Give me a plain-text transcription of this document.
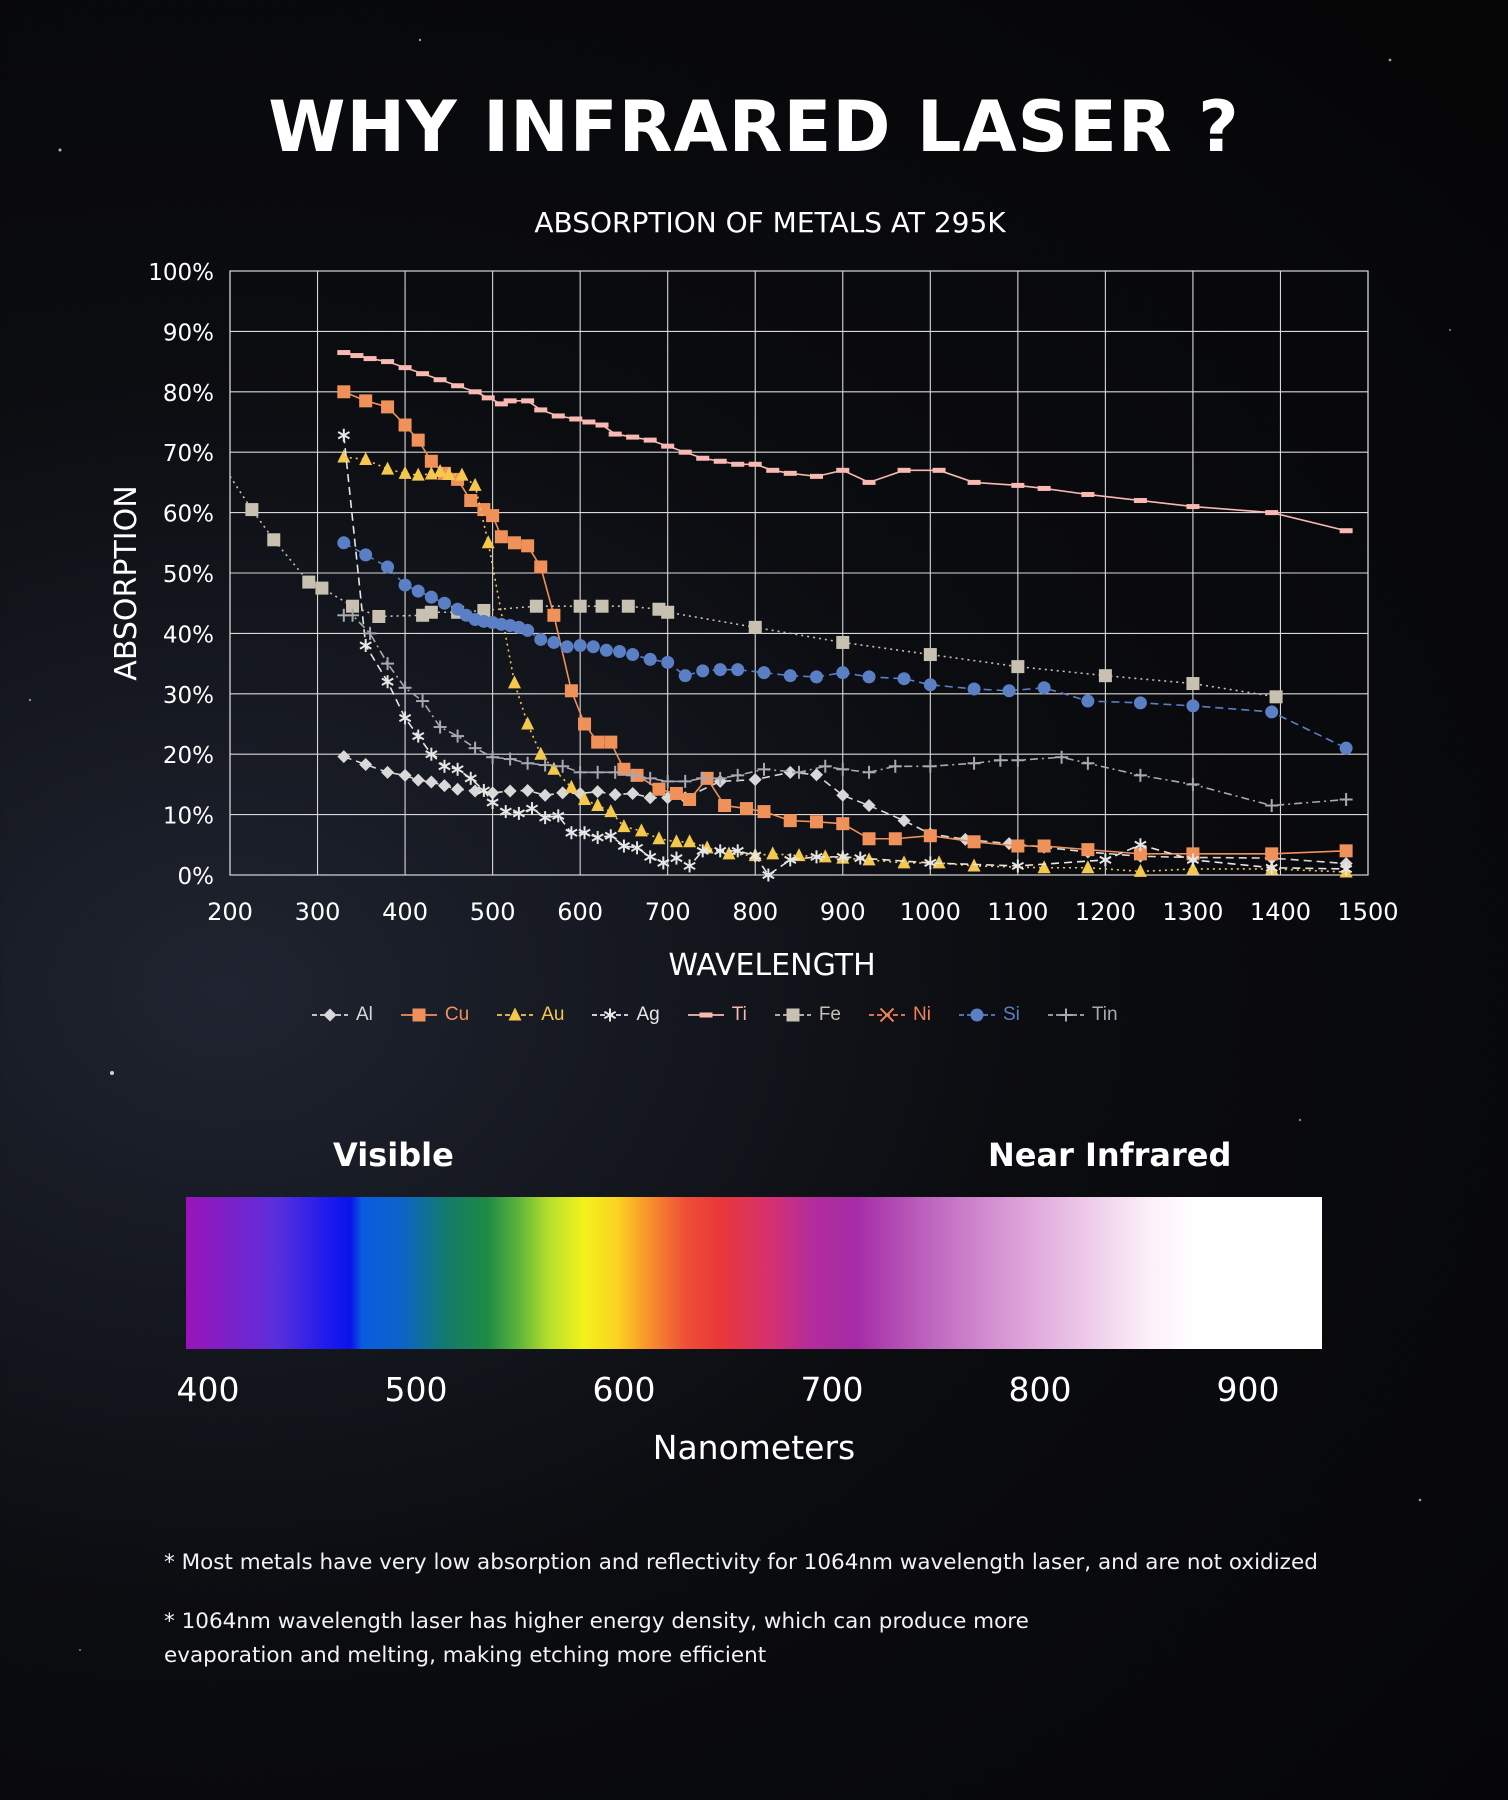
WHY INFRARED LASER ?
ABSORPTION OF METALS AT 295K
200 300 400 500 600 700 800 900 1000 1100 1200 1300 1400 1500
0%
10%
20%
30%
40%
50%
60%
70%
80%
90%
100%
WAVELENGTH
ABSORPTION
Al	Cu	Au	Ag	Ti	Fe	Ni	Si	Tin
Visible	Near Infrared
400	500	600	700	800	900
Nanometers
* Most metals have very low absorption and reflectivity for 1064nm wavelength laser, and are not oxidized
* 1064nm wavelength laser has higher energy density, which can produce more
evaporation and melting, making etching more efficient
